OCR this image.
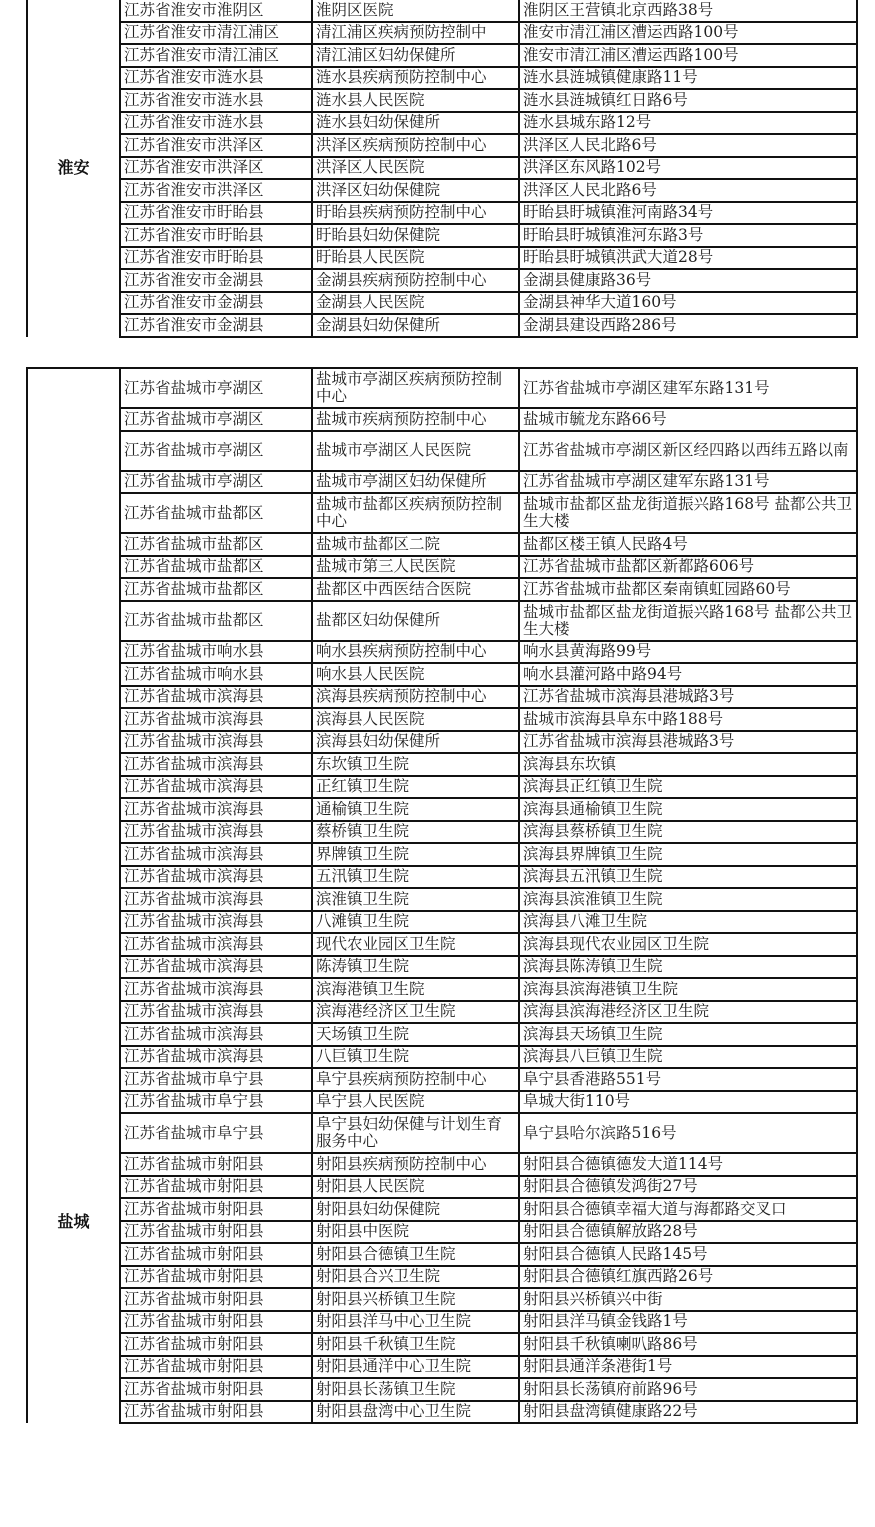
淮安	江苏省淮安市淮阴区	淮阴区医院	淮阴区王营镇北京西路38号
	江苏省淮安市清江浦区	清江浦区疾病预防控制中	淮安市清江浦区漕运西路100号
	江苏省淮安市清江浦区	清江浦区妇幼保健所	淮安市清江浦区漕运西路100号
	江苏省淮安市涟水县	涟水县疾病预防控制中心	涟水县涟城镇健康路11号
	江苏省淮安市涟水县	涟水县人民医院	涟水县涟城镇红日路6号
	江苏省淮安市涟水县	涟水县妇幼保健所	涟水县城东路12号
	江苏省淮安市洪泽区	洪泽区疾病预防控制中心	洪泽区人民北路6号
	江苏省淮安市洪泽区	洪泽区人民医院	洪泽区东风路102号
	江苏省淮安市洪泽区	洪泽区妇幼保健院	洪泽区人民北路6号
	江苏省淮安市盱眙县	盱眙县疾病预防控制中心	盱眙县盱城镇淮河南路34号
	江苏省淮安市盱眙县	盱眙县妇幼保健院	盱眙县盱城镇淮河东路3号
	江苏省淮安市盱眙县	盱眙县人民医院	盱眙县盱城镇洪武大道28号
	江苏省淮安市金湖县	金湖县疾病预防控制中心	金湖县健康路36号
	江苏省淮安市金湖县	金湖县人民医院	金湖县神华大道160号
	江苏省淮安市金湖县	金湖县妇幼保健所	金湖县建设西路286号
盐城	江苏省盐城市亭湖区	盐城市亭湖区疾病预防控制中心	江苏省盐城市亭湖区建军东路131号
	江苏省盐城市亭湖区	盐城市疾病预防控制中心	盐城市毓龙东路66号
	江苏省盐城市亭湖区	盐城市亭湖区人民医院	江苏省盐城市亭湖区新区经四路以西纬五路以南
	江苏省盐城市亭湖区	盐城市亭湖区妇幼保健所	江苏省盐城市亭湖区建军东路131号
	江苏省盐城市盐都区	盐城市盐都区疾病预防控制中心	盐城市盐都区盐龙街道振兴路168号 盐都公共卫生大楼
	江苏省盐城市盐都区	盐城市盐都区二院	盐都区楼王镇人民路4号
	江苏省盐城市盐都区	盐城市第三人民医院	江苏省盐城市盐都区新都路606号
	江苏省盐城市盐都区	盐都区中西医结合医院	江苏省盐城市盐都区秦南镇虹园路60号
	江苏省盐城市盐都区	盐都区妇幼保健所	盐城市盐都区盐龙街道振兴路168号 盐都公共卫生大楼
	江苏省盐城市响水县	响水县疾病预防控制中心	响水县黄海路99号
	江苏省盐城市响水县	响水县人民医院	响水县灌河路中路94号
	江苏省盐城市滨海县	滨海县疾病预防控制中心	江苏省盐城市滨海县港城路3号
	江苏省盐城市滨海县	滨海县人民医院	盐城市滨海县阜东中路188号
	江苏省盐城市滨海县	滨海县妇幼保健所	江苏省盐城市滨海县港城路3号
	江苏省盐城市滨海县	东坎镇卫生院	滨海县东坎镇
	江苏省盐城市滨海县	正红镇卫生院	滨海县正红镇卫生院
	江苏省盐城市滨海县	通榆镇卫生院	滨海县通榆镇卫生院
	江苏省盐城市滨海县	蔡桥镇卫生院	滨海县蔡桥镇卫生院
	江苏省盐城市滨海县	界牌镇卫生院	滨海县界牌镇卫生院
	江苏省盐城市滨海县	五汛镇卫生院	滨海县五汛镇卫生院
	江苏省盐城市滨海县	滨淮镇卫生院	滨海县滨淮镇卫生院
	江苏省盐城市滨海县	八滩镇卫生院	滨海县八滩卫生院
	江苏省盐城市滨海县	现代农业园区卫生院	滨海县现代农业园区卫生院
	江苏省盐城市滨海县	陈涛镇卫生院	滨海县陈涛镇卫生院
	江苏省盐城市滨海县	滨海港镇卫生院	滨海县滨海港镇卫生院
	江苏省盐城市滨海县	滨海港经济区卫生院	滨海县滨海港经济区卫生院
	江苏省盐城市滨海县	天场镇卫生院	滨海县天场镇卫生院
	江苏省盐城市滨海县	八巨镇卫生院	滨海县八巨镇卫生院
	江苏省盐城市阜宁县	阜宁县疾病预防控制中心	阜宁县香港路551号
	江苏省盐城市阜宁县	阜宁县人民医院	阜城大街110号
	江苏省盐城市阜宁县	阜宁县妇幼保健与计划生育服务中心	阜宁县哈尔滨路516号
	江苏省盐城市射阳县	射阳县疾病预防控制中心	射阳县合德镇德发大道114号
	江苏省盐城市射阳县	射阳县人民医院	射阳县合德镇发鸿街27号
	江苏省盐城市射阳县	射阳县妇幼保健院	射阳县合德镇幸福大道与海都路交叉口
	江苏省盐城市射阳县	射阳县中医院	射阳县合德镇解放路28号
	江苏省盐城市射阳县	射阳县合德镇卫生院	射阳县合德镇人民路145号
	江苏省盐城市射阳县	射阳县合兴卫生院	射阳县合德镇红旗西路26号
	江苏省盐城市射阳县	射阳县兴桥镇卫生院	射阳县兴桥镇兴中街
	江苏省盐城市射阳县	射阳县洋马中心卫生院	射阳县洋马镇金钱路1号
	江苏省盐城市射阳县	射阳县千秋镇卫生院	射阳县千秋镇喇叭路86号
	江苏省盐城市射阳县	射阳县通洋中心卫生院	射阳县通洋条港街1号
	江苏省盐城市射阳县	射阳县长荡镇卫生院	射阳县长荡镇府前路96号
	江苏省盐城市射阳县	射阳县盘湾中心卫生院	射阳县盘湾镇健康路22号
